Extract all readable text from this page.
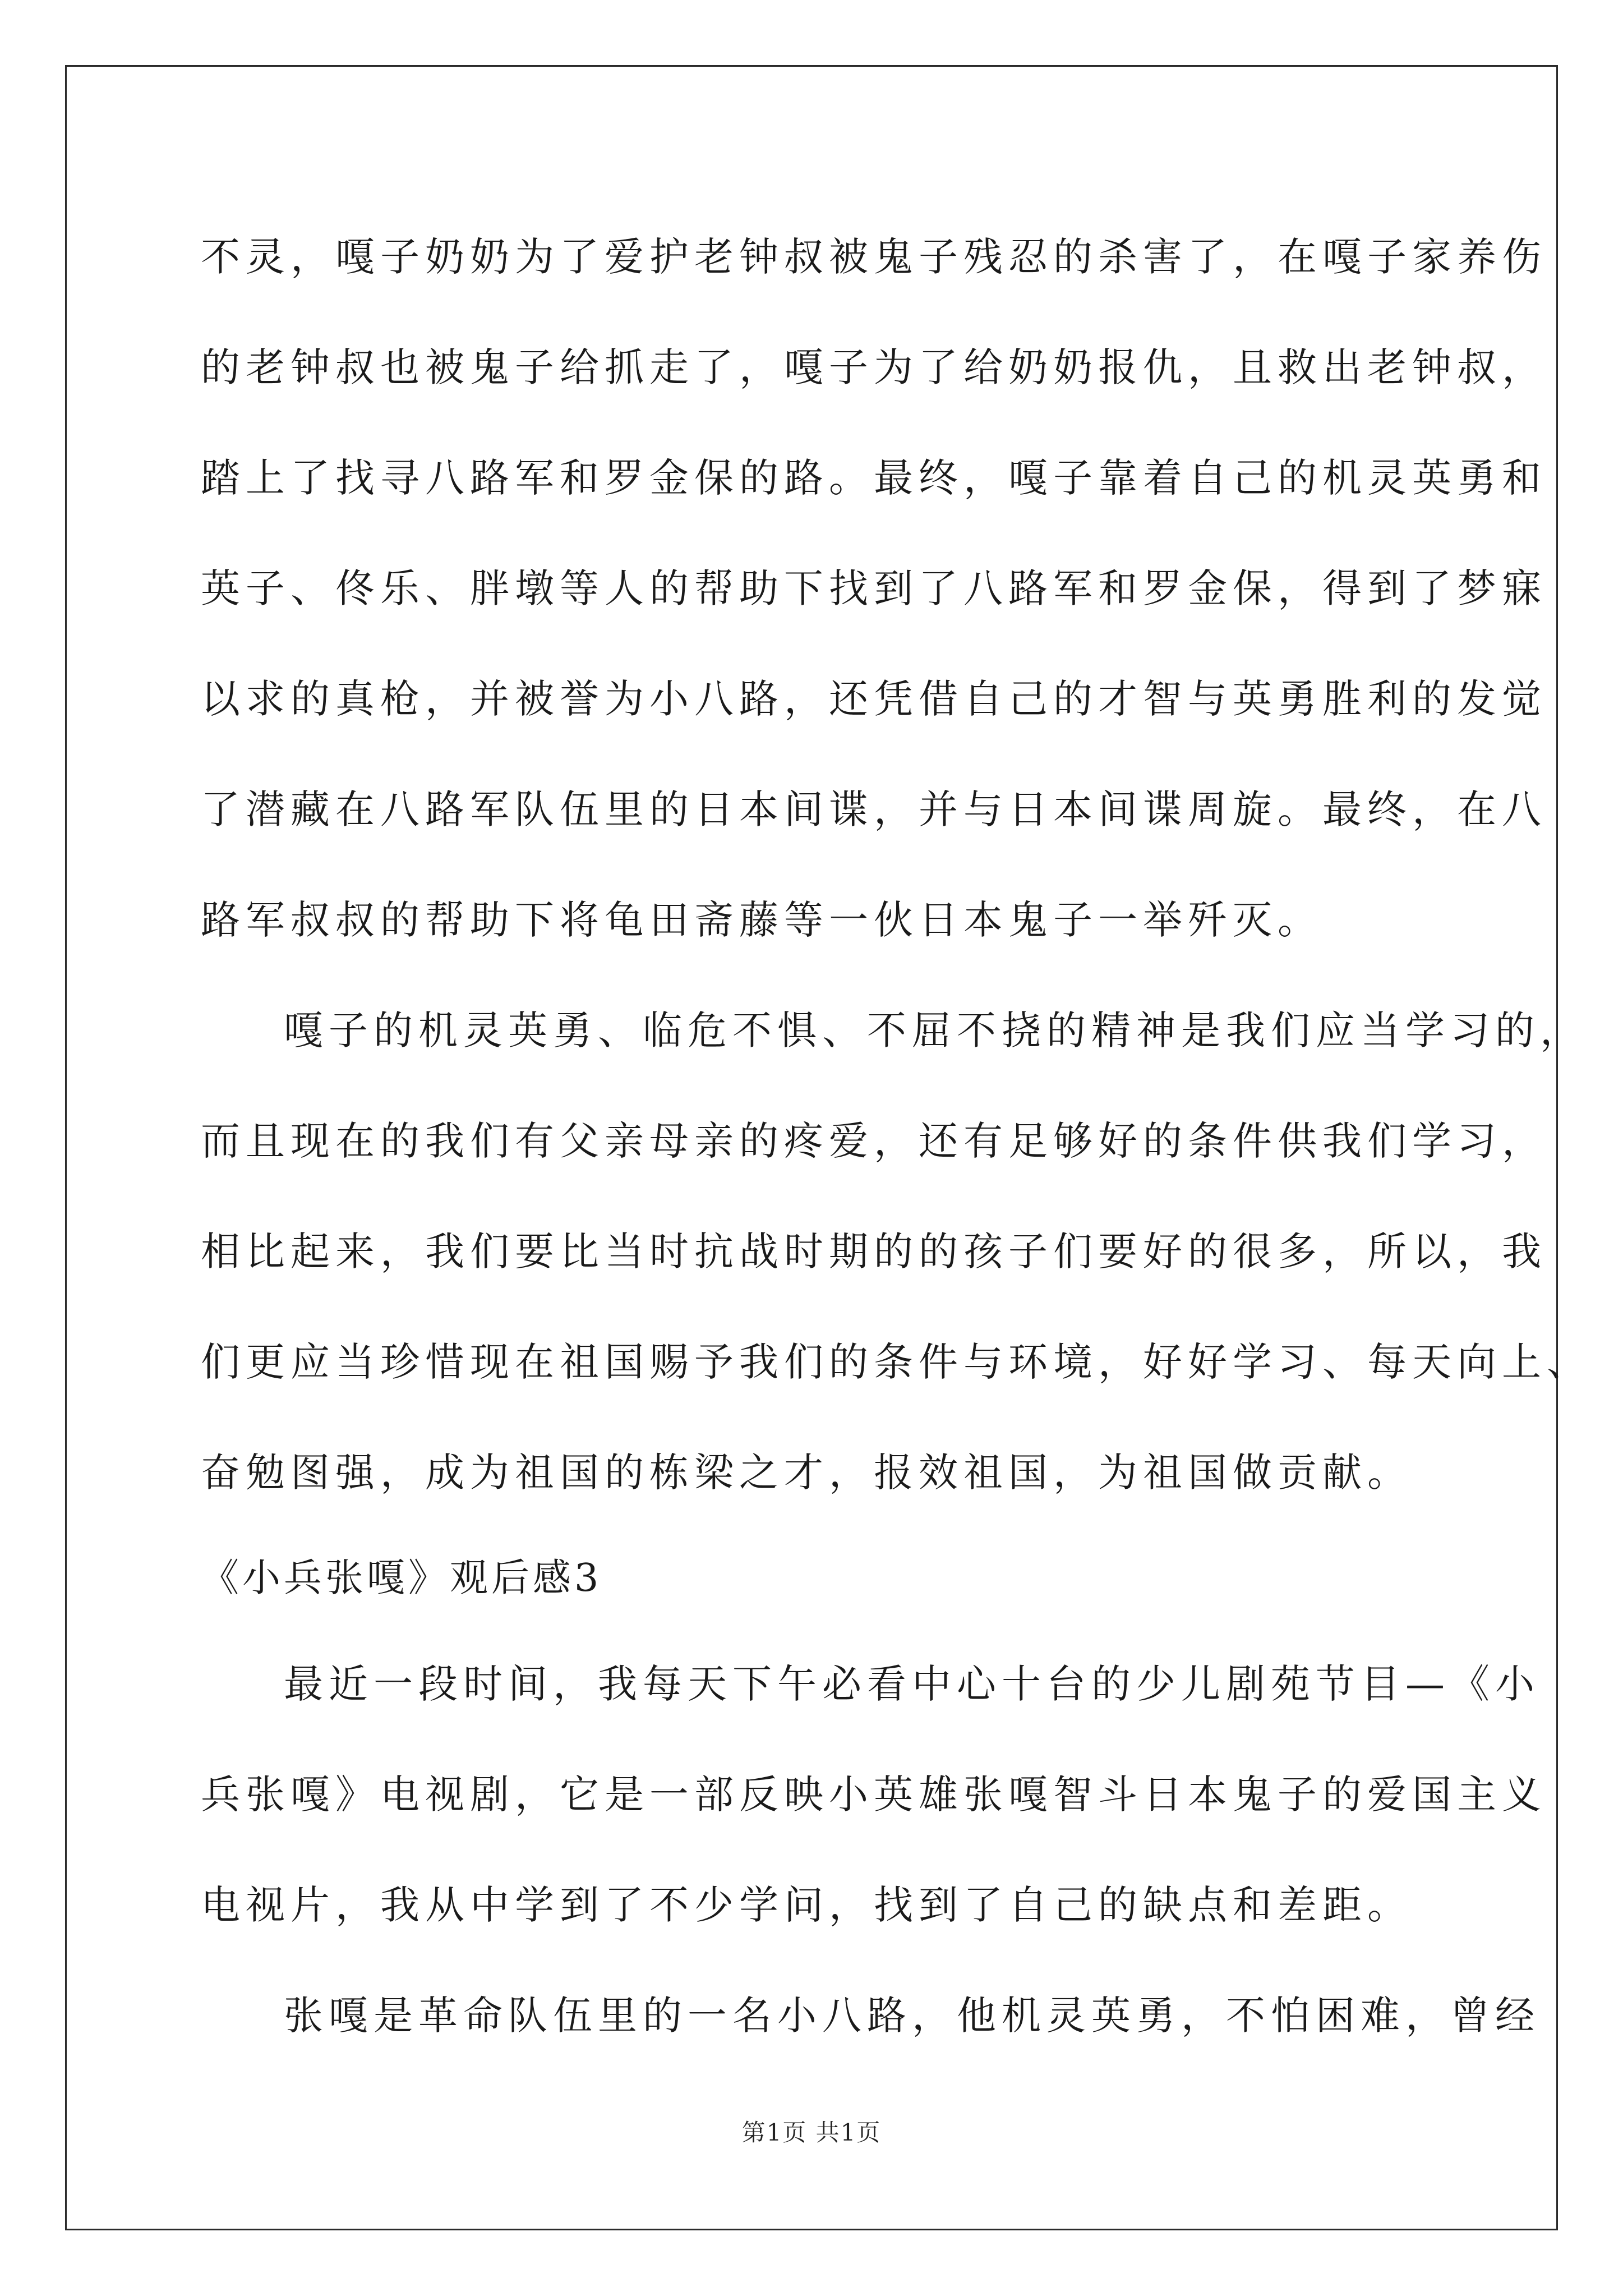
不灵，嘎子奶奶为了爱护老钟叔被鬼子残忍的杀害了，在嘎子家养伤
的老钟叔也被鬼子给抓走了，嘎子为了给奶奶报仇，且救出老钟叔，
踏上了找寻八路军和罗金保的路。最终，嘎子靠着自己的机灵英勇和
英子、佟乐、胖墩等人的帮助下找到了八路军和罗金保，得到了梦寐
以求的真枪，并被誉为小八路，还凭借自己的才智与英勇胜利的发觉
了潜藏在八路军队伍里的日本间谍，并与日本间谍周旋。最终，在八
路军叔叔的帮助下将龟田斋藤等一伙日本鬼子一举歼灭。
嘎子的机灵英勇、临危不惧、不屈不挠的精神是我们应当学习的，
而且现在的我们有父亲母亲的疼爱，还有足够好的条件供我们学习，
相比起来，我们要比当时抗战时期的的孩子们要好的很多，所以，我
们更应当珍惜现在祖国赐予我们的条件与环境，好好学习、每天向上、
奋勉图强，成为祖国的栋梁之才，报效祖国，为祖国做贡献。
《小兵张嘎》观后感3
最近一段时间，我每天下午必看中心十台的少儿剧苑节目—《小
兵张嘎》电视剧，它是一部反映小英雄张嘎智斗日本鬼子的爱国主义
电视片，我从中学到了不少学问，找到了自己的缺点和差距。
张嘎是革命队伍里的一名小八路，他机灵英勇，不怕困难，曾经
第1页 共1页
